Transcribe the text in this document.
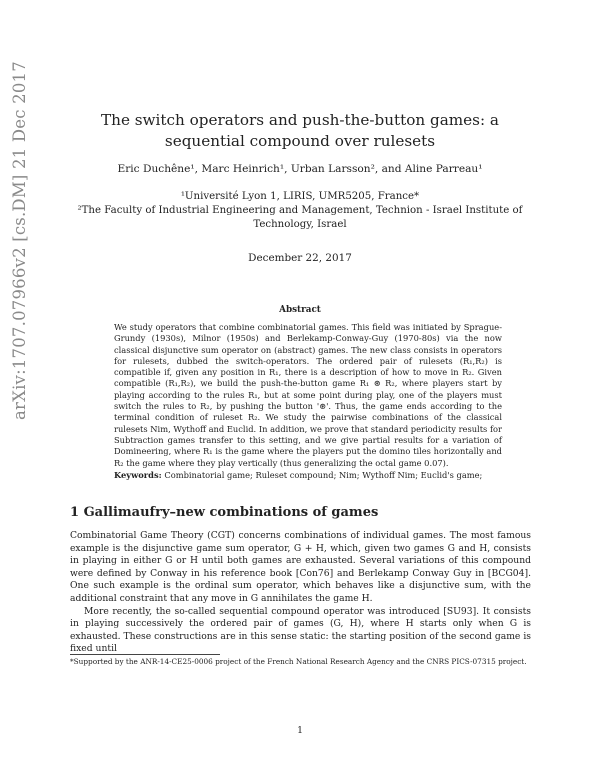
arXiv:1707.07966v2 [cs.DM] 21 Dec 2017	The switch operators and push-the-button games: a sequential compound over rulesets
Eric Duchêne¹, Marc Heinrich¹, Urban Larsson², and Aline Parreau¹
¹Université Lyon 1, LIRIS, UMR5205, France*
²The Faculty of Industrial Engineering and Management, Technion - Israel Institute of Technology, Israel
December 22, 2017
Abstract
We study operators that combine combinatorial games. This field was initiated by Sprague-Grundy (1930s), Milnor (1950s) and Berlekamp-Conway-Guy (1970-80s) via the now classical disjunctive sum operator on (abstract) games. The new class consists in operators for rulesets, dubbed the switch-operators. The ordered pair of rulesets (R₁,R₂) is compatible if, given any position in R₁, there is a description of how to move in R₂. Given compatible (R₁,R₂), we build the push-the-button game R₁ ⊛ R₂, where players start by playing according to the rules R₁, but at some point during play, one of the players must switch the rules to R₂, by pushing the button '⊛'. Thus, the game ends according to the terminal condition of ruleset R₂. We study the pairwise combinations of the classical rulesets Nim, Wythoff and Euclid. In addition, we prove that standard periodicity results for Subtraction games transfer to this setting, and we give partial results for a variation of Domineering, where R₁ is the game where the players put the domino tiles horizontally and R₂ the game where they play vertically (thus generalizing the octal game 0.07).
Keywords: Combinatorial game; Ruleset compound; Nim; Wythoff Nim; Euclid's game;
1 Gallimaufry–new combinations of games

Combinatorial Game Theory (CGT) concerns combinations of individual games. The most famous example is the disjunctive game sum operator, G + H, which, given two games G and H, consists in playing in either G or H until both games are exhausted. Several variations of this compound were defined by Conway in his reference book [Con76] and Berlekamp Conway Guy in [BCG04]. One such example is the ordinal sum operator, which behaves like a disjunctive sum, with the additional constraint that any move in G annihilates the game H.

More recently, the so-called sequential compound operator was introduced [SU93]. It consists in playing successively the ordered pair of games (G, H), where H starts only when G is exhausted. These constructions are in this sense static: the starting position of the second game is fixed until

*Supported by the ANR-14-CE25-0006 project of the French National Research Agency and the CNRS PICS-07315 project.
1
